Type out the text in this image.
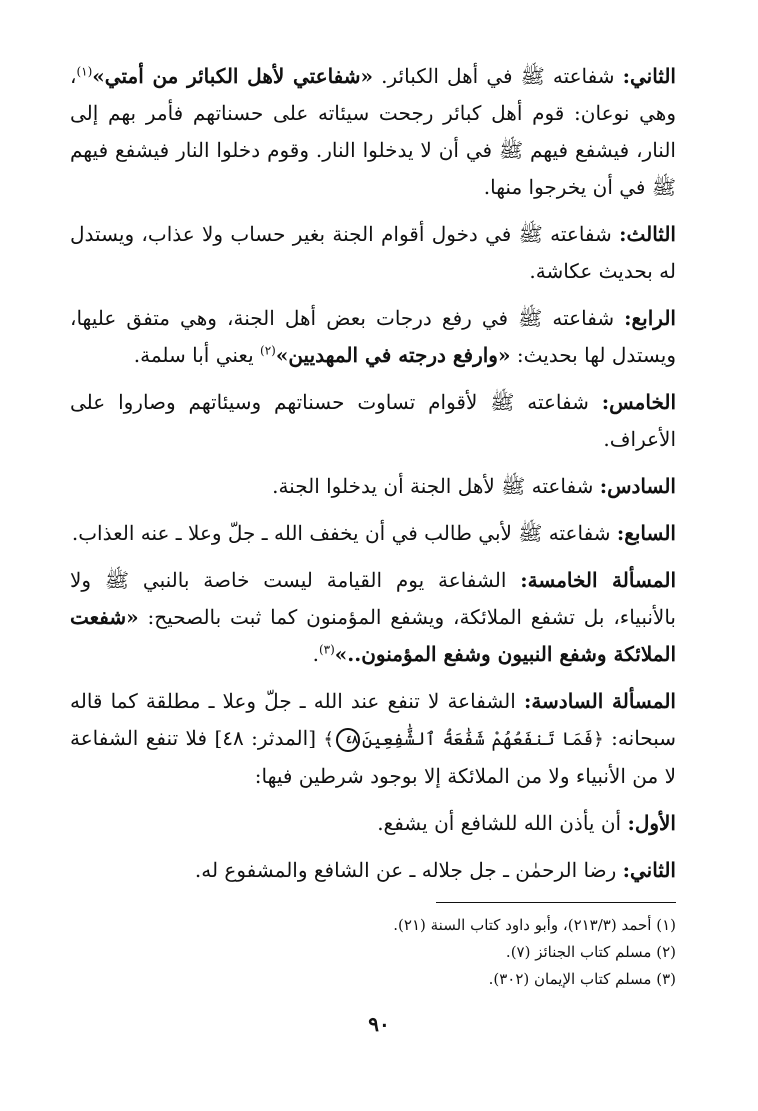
الثاني: شفاعته ﷺ في أهل الكبائر. «شفاعتي لأهل الكبائر من أمتي»$^{(١)}$، وهي نوعان: قوم أهل كبائر رجحت سيئاته على حسناتهم فأمر بهم إلى النار، فيشفع فيهم ﷺ في أن لا يدخلوا النار. وقوم دخلوا النار فيشفع فيهم ﷺ في أن يخرجوا منها.

الثالث: شفاعته ﷺ في دخول أقوام الجنة بغير حساب ولا عذاب، ويستدل له بحديث عكاشة.

الرابع: شفاعته ﷺ في رفع درجات بعض أهل الجنة، وهي متفق عليها، ويستدل لها بحديث: «وارفع درجته في المهديين»$^{(٢)}$ يعني أبا سلمة.

الخامس: شفاعته ﷺ لأقوام تساوت حسناتهم وسيئاتهم وصاروا على الأعراف.

السادس: شفاعته ﷺ لأهل الجنة أن يدخلوا الجنة.

السابع: شفاعته ﷺ لأبي طالب في أن يخفف الله ـ جلّ وعلا ـ عنه العذاب.

المسألة الخامسة: الشفاعة يوم القيامة ليست خاصة بالنبي ﷺ ولا بالأنبياء، بل تشفع الملائكة، ويشفع المؤمنون كما ثبت بالصحيح: «شفعت الملائكة وشفع النبيون وشفع المؤمنون..»$^{(٣)}$.

المسألة السادسة: الشفاعة لا تنفع عند الله ـ جلّ وعلا ـ مطلقة كما قاله سبحانه: ﴿فَمَا تَنفَعُهُمْ شَفَٰعَةُ ٱلشَّٰفِعِينَ٤٨﴾ [المدثر: ٤٨] فلا تنفع الشفاعة لا من الأنبياء ولا من الملائكة إلا بوجود شرطين فيها:

الأول: أن يأذن الله للشافع أن يشفع.

الثاني: رضا الرحمٰن ـ جل جلاله ـ عن الشافع والمشفوع له.

(١) أحمد (٢١٣/٣)، وأبو داود كتاب السنة (٢١).

(٢) مسلم كتاب الجنائز (٧).

(٣) مسلم كتاب الإيمان (٣٠٢).

٩٠
